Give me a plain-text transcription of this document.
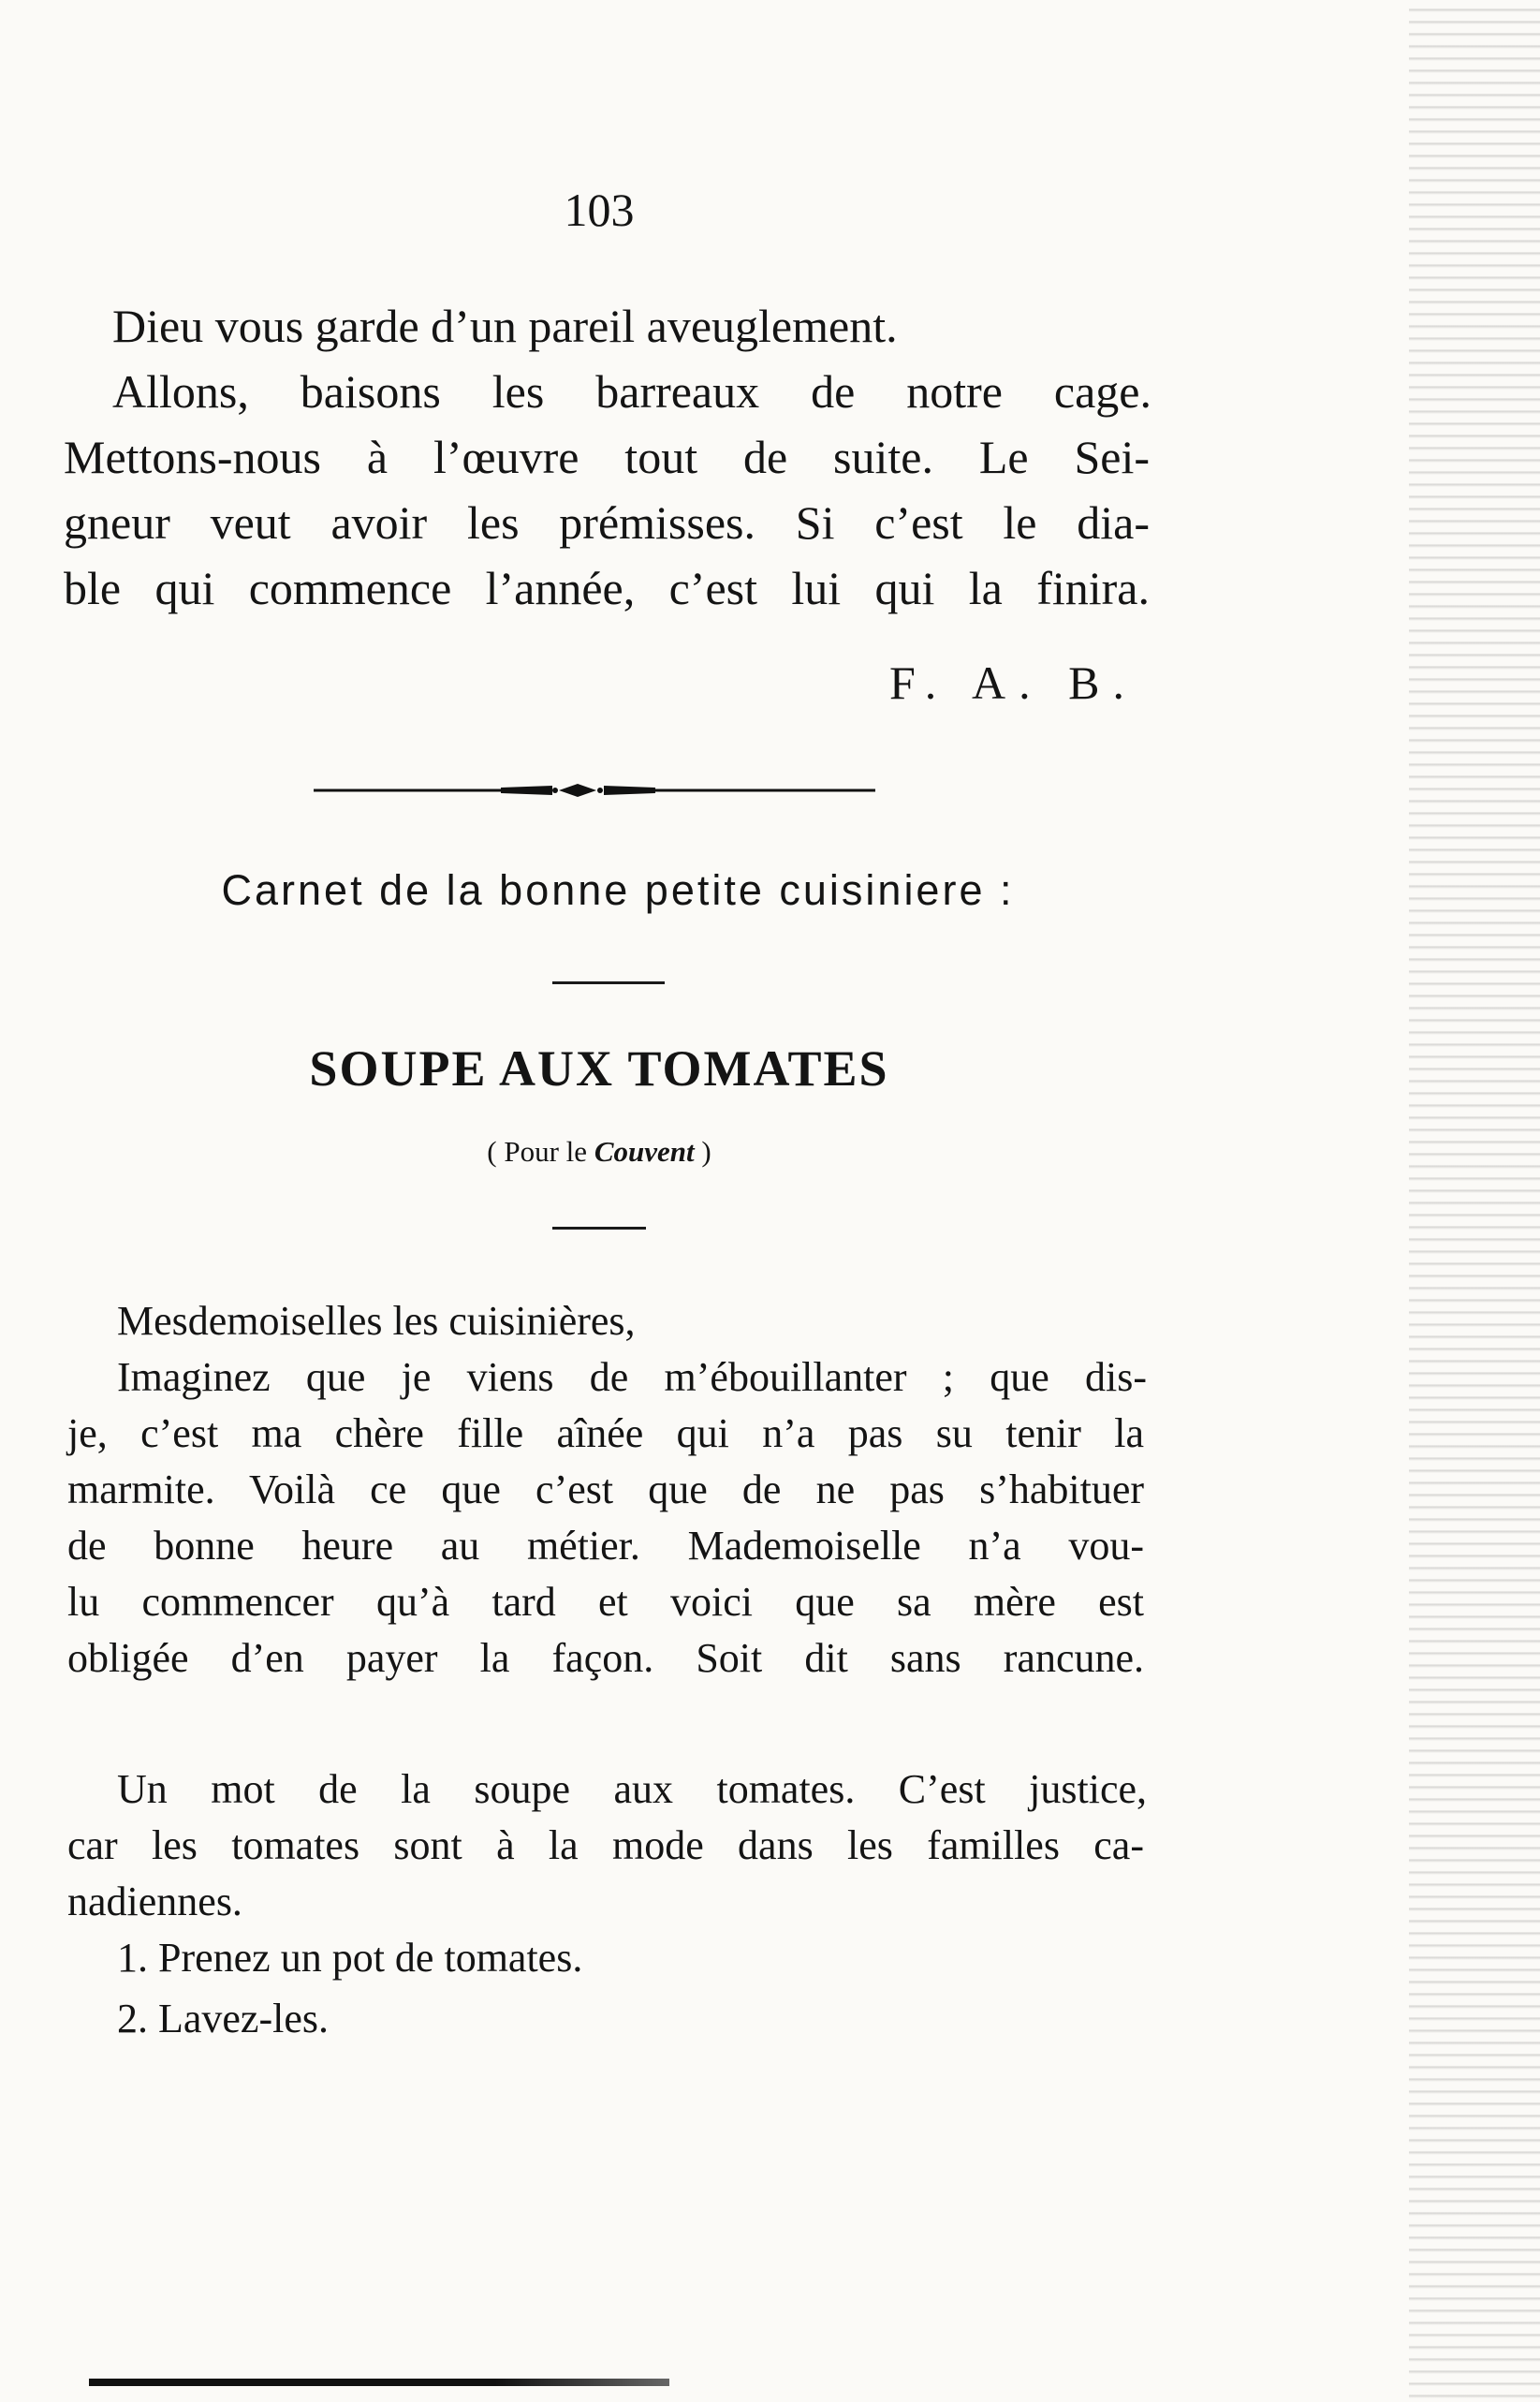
103
Dieu vous garde d’un pareil aveuglement.
Allons, baisons les barreaux de notre cage.
Mettons-nous à l’œuvre tout de suite. Le Sei-
gneur veut avoir les prémisses. Si c’est le dia-
ble qui commence l’année, c’est lui qui la finira.
F. A. B.
Carnet de la bonne petite cuisiniere :
SOUPE AUX TOMATES
( Pour le Couvent )
Mesdemoiselles les cuisinières,
Imaginez que je viens de m’ébouillanter ; que dis-
je, c’est ma chère fille aînée qui n’a pas su tenir la
marmite. Voilà ce que c’est que de ne pas s’habituer
de bonne heure au métier. Mademoiselle n’a vou-
lu commencer qu’à tard et voici que sa mère est
obligée d’en payer la façon. Soit dit sans rancune.
Un mot de la soupe aux tomates. C’est justice,
car les tomates sont à la mode dans les familles ca-
nadiennes.
1. Prenez un pot de tomates.
2. Lavez-les.
